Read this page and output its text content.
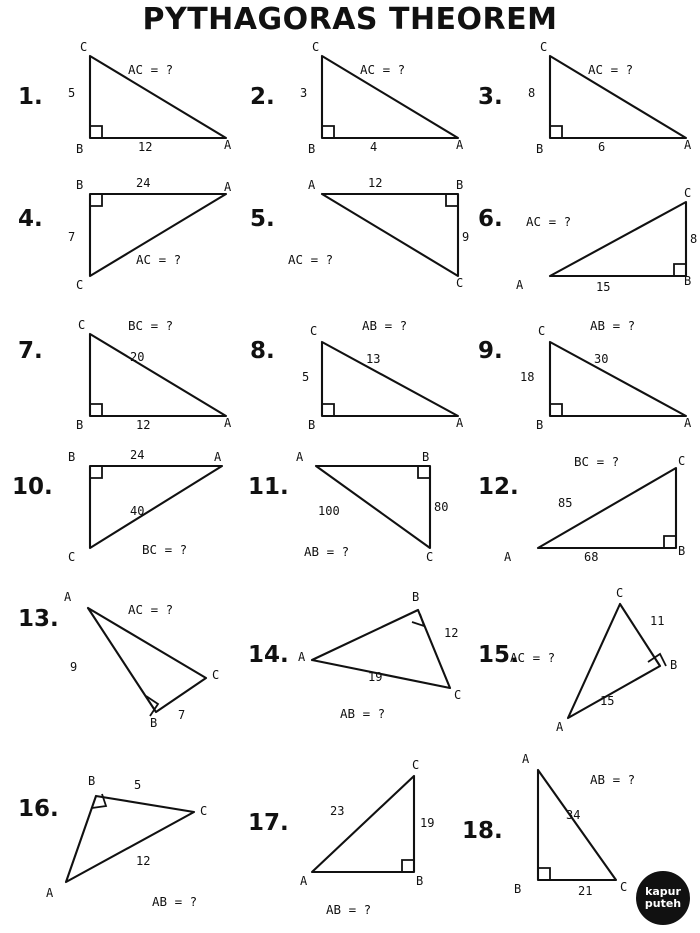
PYTHAGORAS THEOREM
1.
C
B	A
5
12
AC = ?
2.
C
B	A
3
4
AC = ?
3.
C
B	A
8
6
AC = ?
4.
B	A
C
24
7
AC = ?
5.
A	B
C
12
9
AC = ?
6.
A	B
C
8
15
AC = ?
7.
C
B	A
20
12
BC = ?
8.
C
B	A
5
13
AB = ?
9.
C
B	A
18
30
AB = ?
10.
B	A
C
24
40
BC = ?
11.
A	B
C
100	80
AB = ?
12.
A	B
C
85
68
BC = ?
13.
A
B
C
9
7
AC = ?
14. A
B
C
12
19
AB = ?
15.
C
B
A
11
15
AC = ?
16.
B
C
A
5
12
AB = ?
17.
C
B
A
23
19
AB = ?
18.
A
B	C
34
21
AB = ?
kapur
puteh
